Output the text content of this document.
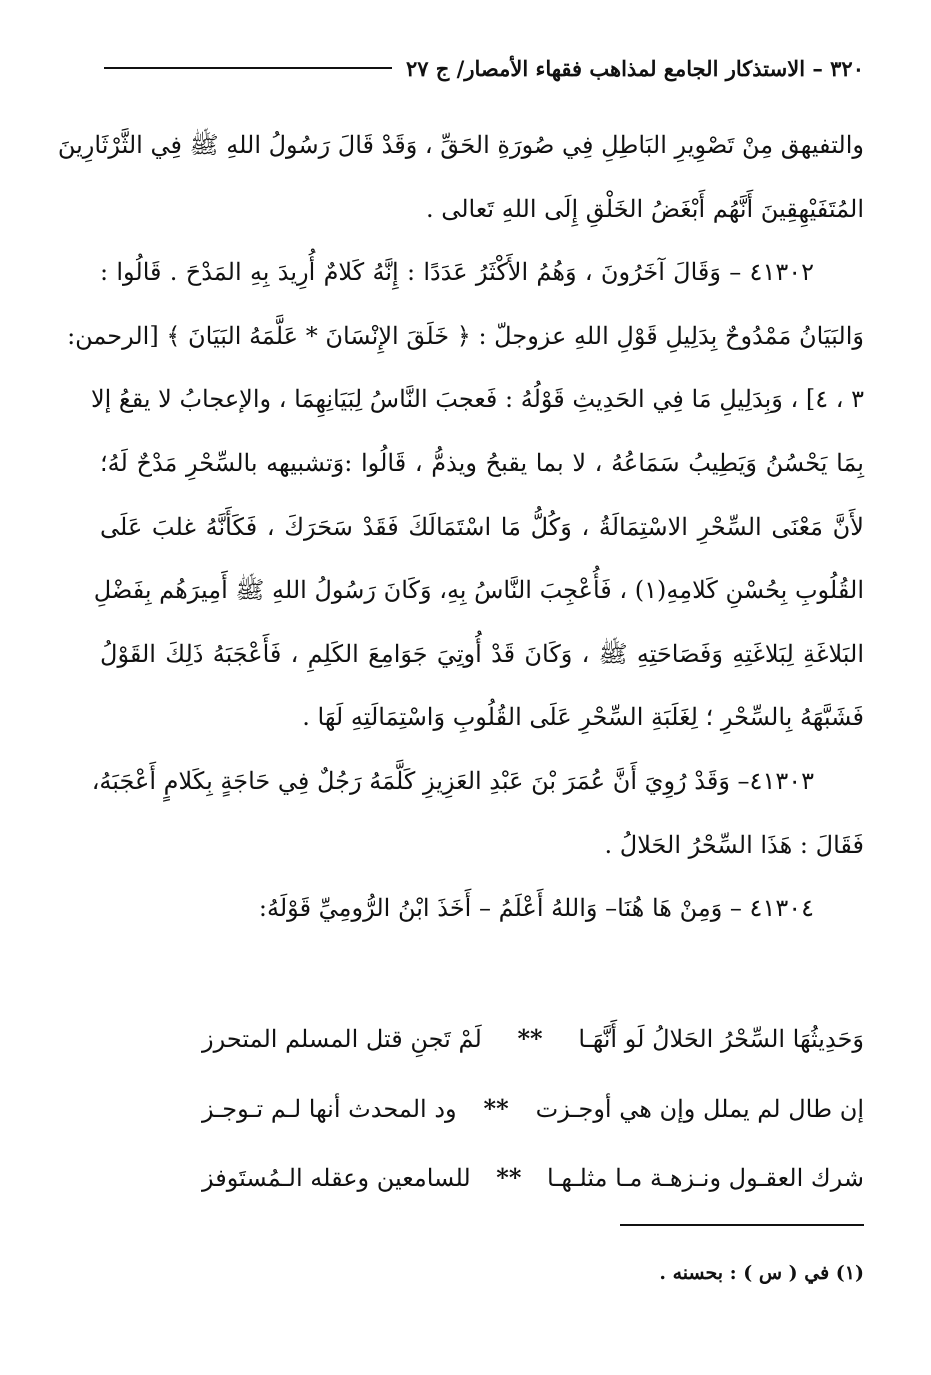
٣٢٠ – الاستذكار الجامع لمذاهب فقهاء الأمصار/ ج ٢٧
والتفيهق مِنْ تَصْوِيرِ البَاطِلِ فِي صُورَةِ الحَقِّ ، وَقَدْ قَالَ رَسُولُ اللهِ ﷺ فِي الثَّرْثَارِينَ
المُتَفَيْهِقِينَ أَنَّهُم أَبْغَضُ الخَلْقِ إِلَى اللهِ تَعالى .
٤١٣٠٢ – وَقَالَ آخَرُونَ ، وَهُمُ الأَكْثَرُ عَدَدًا : إِنَّهُ كَلامٌ أُرِيدَ بِهِ المَدْحَ . قَالُوا :
وَالبَيَانُ مَمْدُوحٌ بِدَلِيلِ قَوْلِ اللهِ عزوجلّ : ﴿ خَلَقَ الإِنْسَانَ * عَلَّمَهُ البَيَانَ ﴾ [الرحمن:
٣ ، ٤] ، وَبِدَلِيلِ مَا فِي الحَدِيثِ قَوْلُهُ : فَعجبَ النَّاسُ لِبَيَانِهِمَا ، والإعجابُ لا يقعُ إلا
بِمَا يَحْسُنُ وَيَطِيبُ سَمَاعُهُ ، لا بما يقبحُ ويذمُّ ، قَالُوا :وَتشبيهه بالسِّحْرِ مَدْحٌ لَهُ؛
لأَنَّ مَعْنَى السِّحْرِ الاسْتِمَالَةُ ، وَكُلُّ مَا اسْتَمَالَكَ فَقَدْ سَحَرَكَ ، فَكَأَنَّهُ غلبَ عَلَى
القُلُوبِ بِحُسْنِ كَلامِهِ(١) ، فَأُعْجِبَ النَّاسُ بِهِ، وَكَانَ رَسُولُ اللهِ ﷺ أَمِيرَهُم بِفَضْلِ
البَلاغَةِ لِبَلاغَتِهِ وَفَصَاحَتِهِ ﷺ ، وَكَانَ قَدْ أُوتِيَ جَوَامِعَ الكَلِمِ ، فَأَعْجَبَهُ ذَلِكَ القَوْلُ
فَشَبَّهَهُ بِالسِّحْرِ ؛ لِغَلَبَةِ السِّحْرِ عَلَى القُلُوبِ وَاسْتِمَالَتِهِ لَهَا .
٤١٣٠٣– وَقَدْ رُوِيَ أَنَّ عُمَرَ بْنَ عَبْدِ العَزِيزِ كَلَّمَهُ رَجُلٌ فِي حَاجَةٍ بِكَلامٍ أَعْجَبَهُ،
فَقَالَ : هَذَا السِّحْرُ الحَلالُ .
٤١٣٠٤ – وَمِنْ هَا هُنَا– وَاللهُ أَعْلَمُ – أَخَذَ ابْنُ الرُّومِيِّ قَوْلَهُ:
وَحَدِيثُهَا السِّحْرُ الحَلالُ لَو أَنَّهَـا
**
لَمْ تَجنِ قتل المسلم المتحرز
إن طال لم يملل وإن هي أوجـزت
**
ود المحدث أنها لـم تـوجـز
شرك العقـول ونـزهـة مـا مثلـهـا
**
للسامعين وعقله الـمُستَوفز
(١) في ( س ) : بحسنه .
